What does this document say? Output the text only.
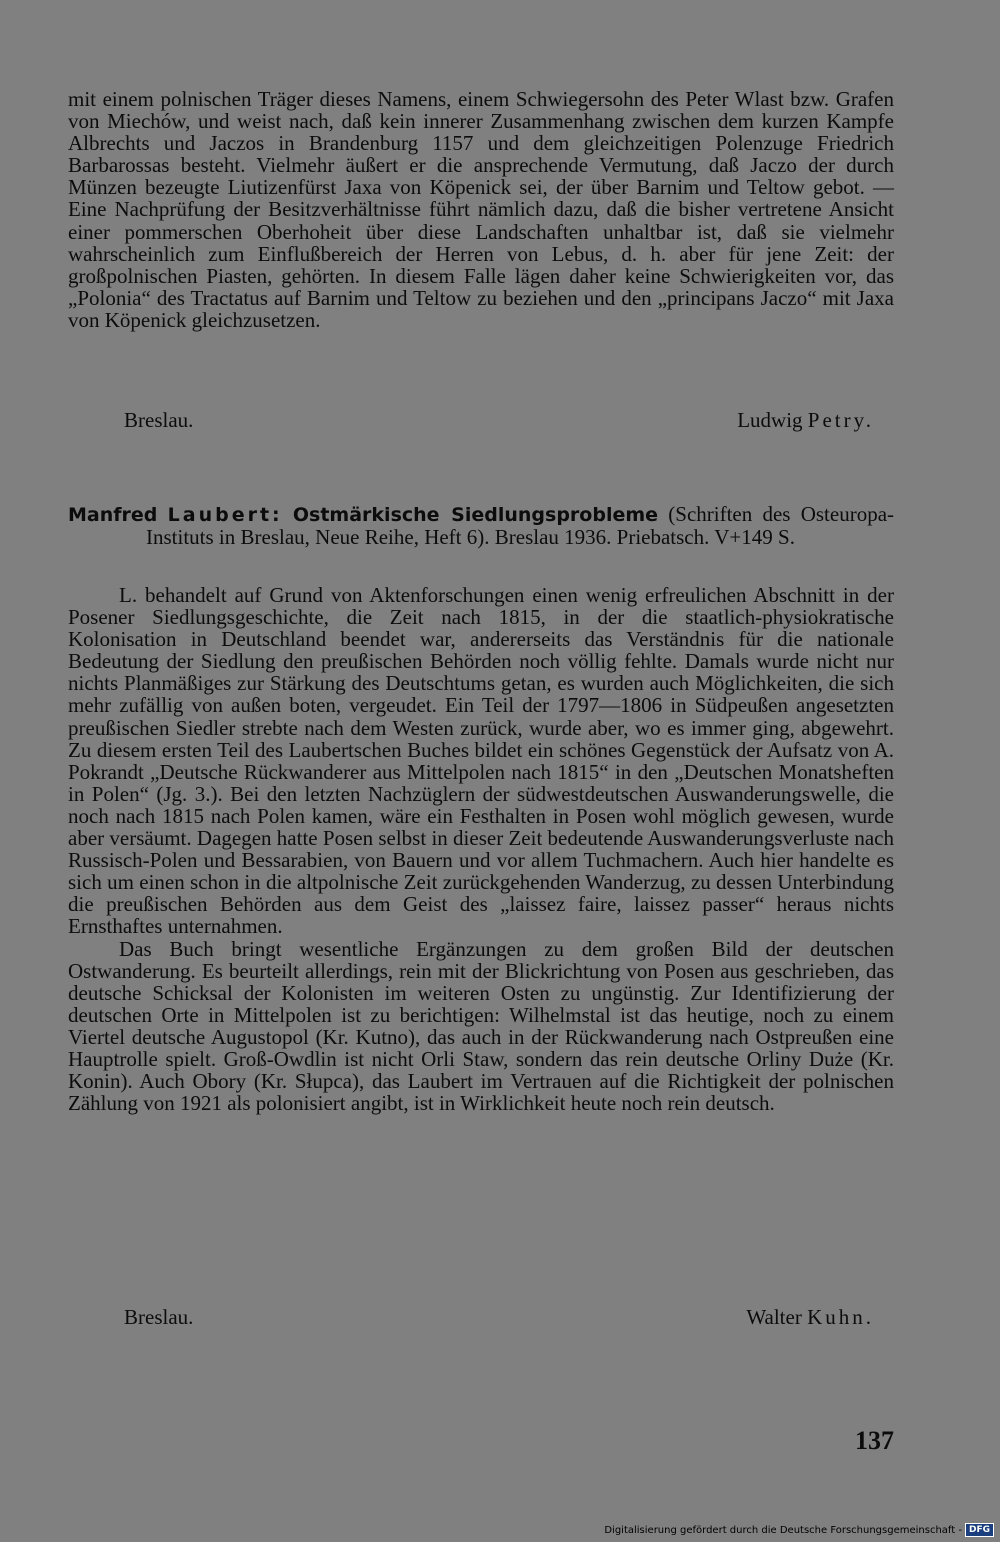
mit einem polnischen Träger dieses Namens, einem Schwiegersohn des Peter Wlast bzw. Grafen von Miechów, und weist nach, daß kein innerer Zusammenhang zwischen dem kurzen Kampfe Albrechts und Jaczos in Brandenburg 1157 und dem gleichzeitigen Polenzuge Friedrich Barbarossas besteht. Vielmehr äußert er die ansprechende Vermutung, daß Jaczo der durch Münzen bezeugte Liutizenfürst Jaxa von Köpenick sei, der über Barnim und Teltow gebot. — Eine Nachprüfung der Besitzverhältnisse führt nämlich dazu, daß die bisher vertretene Ansicht einer pommerschen Oberhoheit über diese Landschaften unhaltbar ist, daß sie vielmehr wahrscheinlich zum Einflußbereich der Herren von Lebus, d. h. aber für jene Zeit: der großpolnischen Piasten, gehörten. In diesem Falle lägen daher keine Schwierigkeiten vor, das „Polonia“ des Tractatus auf Barnim und Teltow zu beziehen und den „principans Jaczo“ mit Jaxa von Köpenick gleichzusetzen.

Breslau.	Ludwig Petry.
Manfred Laubert: Ostmärkische Siedlungsprobleme (Schriften des Osteuropa-Instituts in Breslau, Neue Reihe, Heft 6). Breslau 1936. Priebatsch. V+149 S.

L. behandelt auf Grund von Aktenforschungen einen wenig erfreulichen Abschnitt in der Posener Siedlungsgeschichte, die Zeit nach 1815, in der die staatlich-physiokratische Kolonisation in Deutschland beendet war, andererseits das Verständnis für die nationale Bedeutung der Siedlung den preußischen Behörden noch völlig fehlte. Damals wurde nicht nur nichts Planmäßiges zur Stärkung des Deutschtums getan, es wurden auch Möglichkeiten, die sich mehr zufällig von außen boten, vergeudet. Ein Teil der 1797—1806 in Südpeußen angesetzten preußischen Siedler strebte nach dem Westen zurück, wurde aber, wo es immer ging, abgewehrt. Zu diesem ersten Teil des Laubertschen Buches bildet ein schönes Gegenstück der Aufsatz von A. Pokrandt „Deutsche Rückwanderer aus Mittelpolen nach 1815“ in den „Deutschen Monatsheften in Polen“ (Jg. 3.). Bei den letzten Nachzüglern der südwestdeutschen Auswanderungswelle, die noch nach 1815 nach Polen kamen, wäre ein Festhalten in Posen wohl möglich gewesen, wurde aber versäumt. Dagegen hatte Posen selbst in dieser Zeit bedeutende Auswanderungsverluste nach Russisch-Polen und Bessarabien, von Bauern und vor allem Tuchmachern. Auch hier handelte es sich um einen schon in die altpolnische Zeit zurückgehenden Wanderzug, zu dessen Unterbindung die preußischen Behörden aus dem Geist des „laissez faire, laissez passer“ heraus nichts Ernsthaftes unternahmen.

Das Buch bringt wesentliche Ergänzungen zu dem großen Bild der deutschen Ostwanderung. Es beurteilt allerdings, rein mit der Blickrichtung von Posen aus geschrieben, das deutsche Schicksal der Kolonisten im weiteren Osten zu ungünstig. Zur Identifizierung der deutschen Orte in Mittelpolen ist zu berichtigen: Wilhelmstal ist das heutige, noch zu einem Viertel deutsche Augustopol (Kr. Kutno), das auch in der Rückwanderung nach Ostpreußen eine Hauptrolle spielt. Groß-Owdlin ist nicht Orli Staw, sondern das rein deutsche Orliny Duże (Kr. Konin). Auch Obory (Kr. Słupca), das Laubert im Vertrauen auf die Richtigkeit der polnischen Zählung von 1921 als polonisiert angibt, ist in Wirklichkeit heute noch rein deutsch.

Breslau.	Walter Kuhn.
137
Digitalisierung gefördert durch die Deutsche Forschungsgemeinschaft - DFG
